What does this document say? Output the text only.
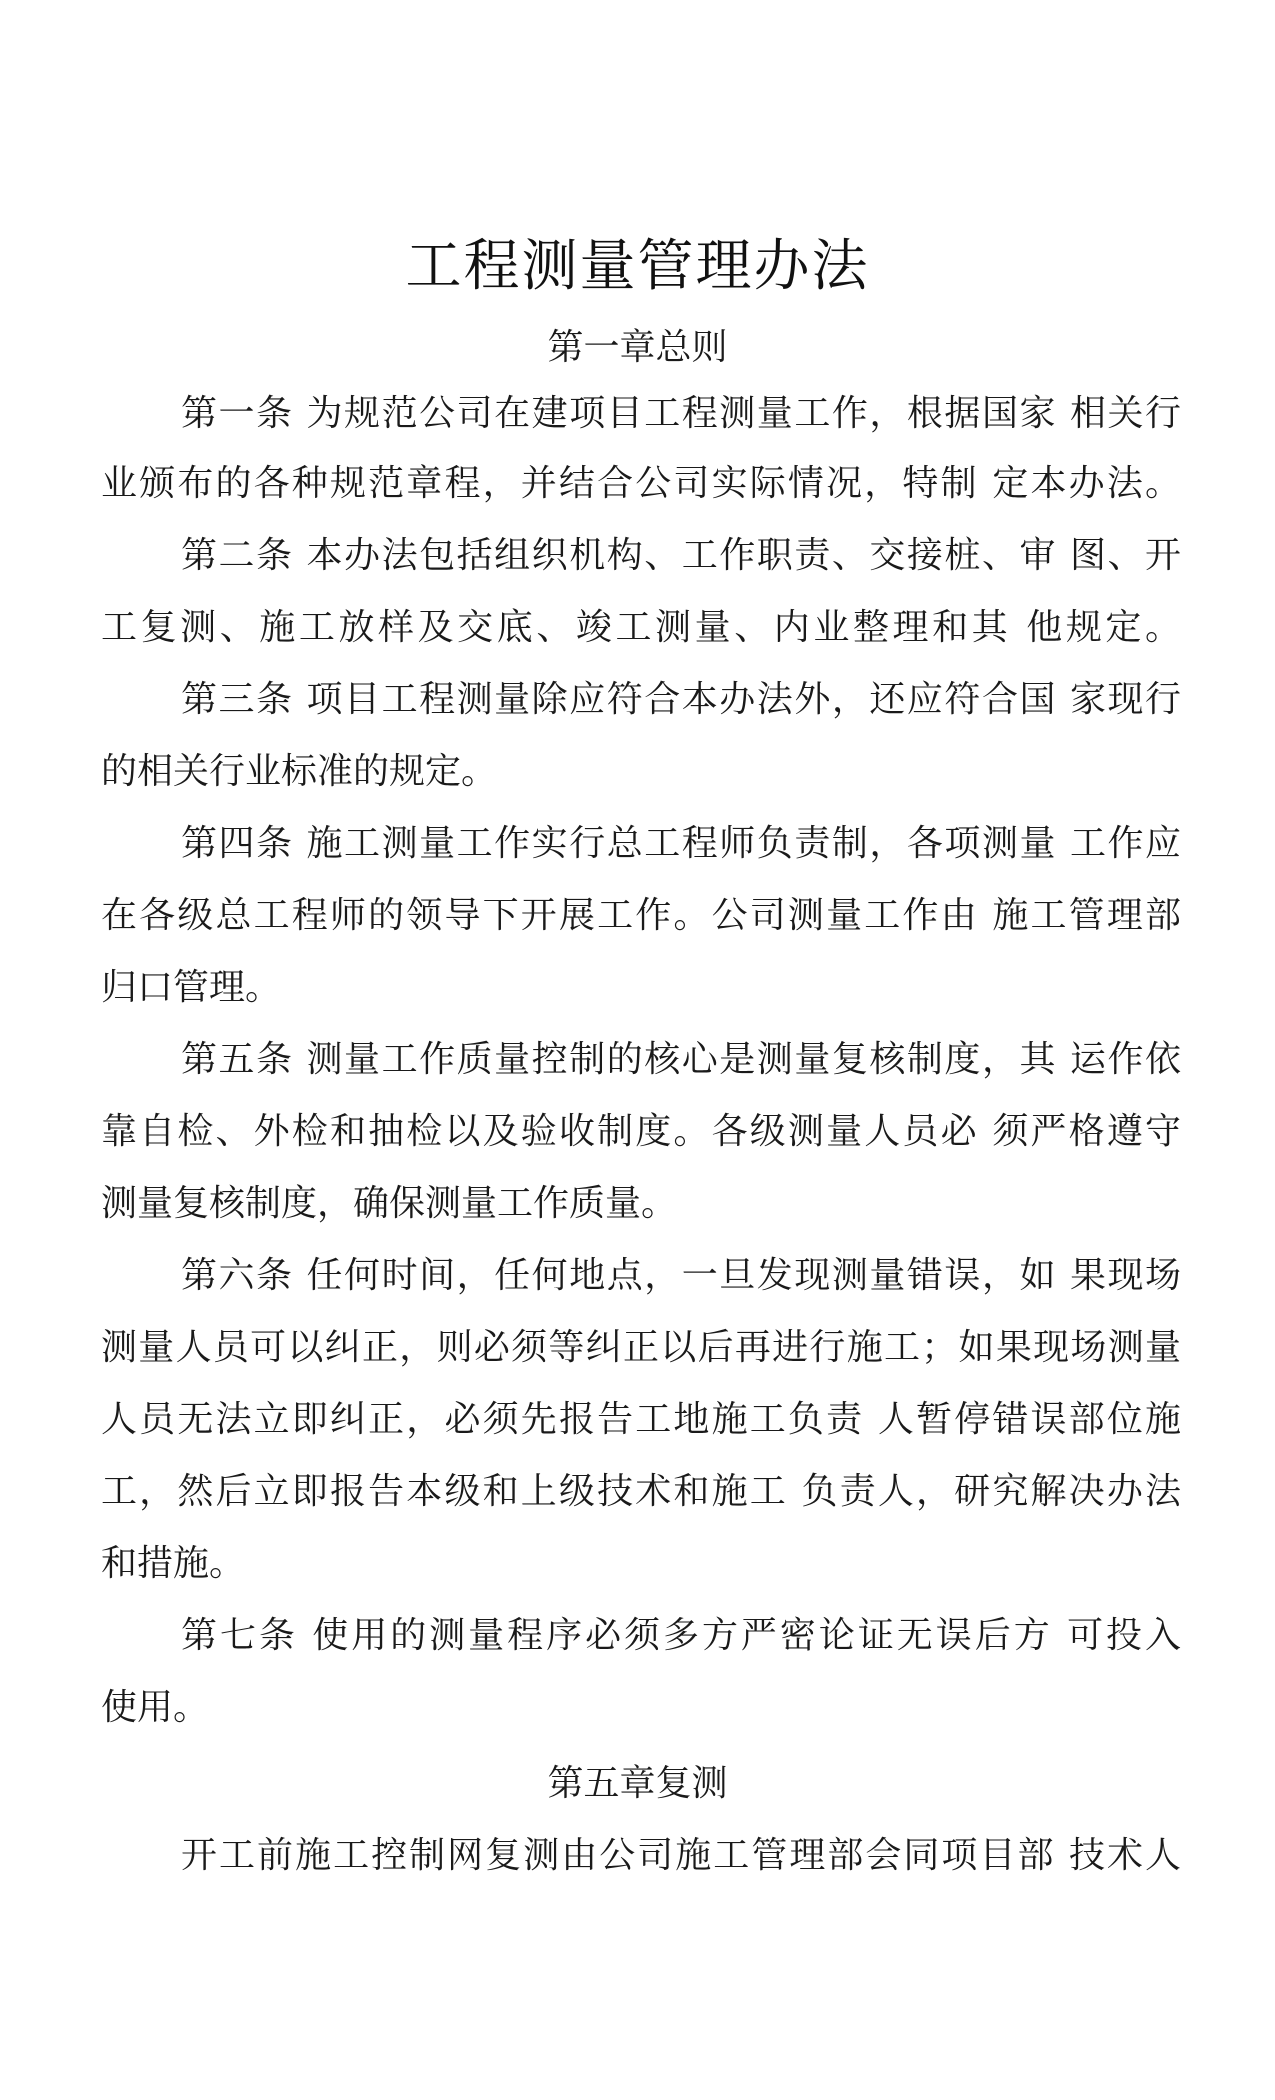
工程测量管理办法
第一章总则
第一条 为规范公司在建项目工程测量工作，根据国家 相关行
业颁布的各种规范章程，并结合公司实际情况，特制 定本办法。
第二条 本办法包括组织机构、工作职责、交接桩、审 图、开
工复测、施工放样及交底、竣工测量、内业整理和其 他规定。
第三条 项目工程测量除应符合本办法外，还应符合国 家现行
的相关行业标准的规定。
第四条 施工测量工作实行总工程师负责制，各项测量 工作应
在各级总工程师的领导下开展工作。公司测量工作由 施工管理部
归口管理。
第五条 测量工作质量控制的核心是测量复核制度，其 运作依
靠自检、外检和抽检以及验收制度。各级测量人员必 须严格遵守
测量复核制度，确保测量工作质量。
第六条 任何时间，任何地点，一旦发现测量错误，如 果现场
测量人员可以纠正，则必须等纠正以后再进行施工；如果现场测量
人员无法立即纠正，必须先报告工地施工负责 人暂停错误部位施
工，然后立即报告本级和上级技术和施工 负责人，研究解决办法
和措施。
第七条 使用的测量程序必须多方严密论证无误后方 可投入
使用。
第五章复测
开工前施工控制网复测由公司施工管理部会同项目部 技术人
